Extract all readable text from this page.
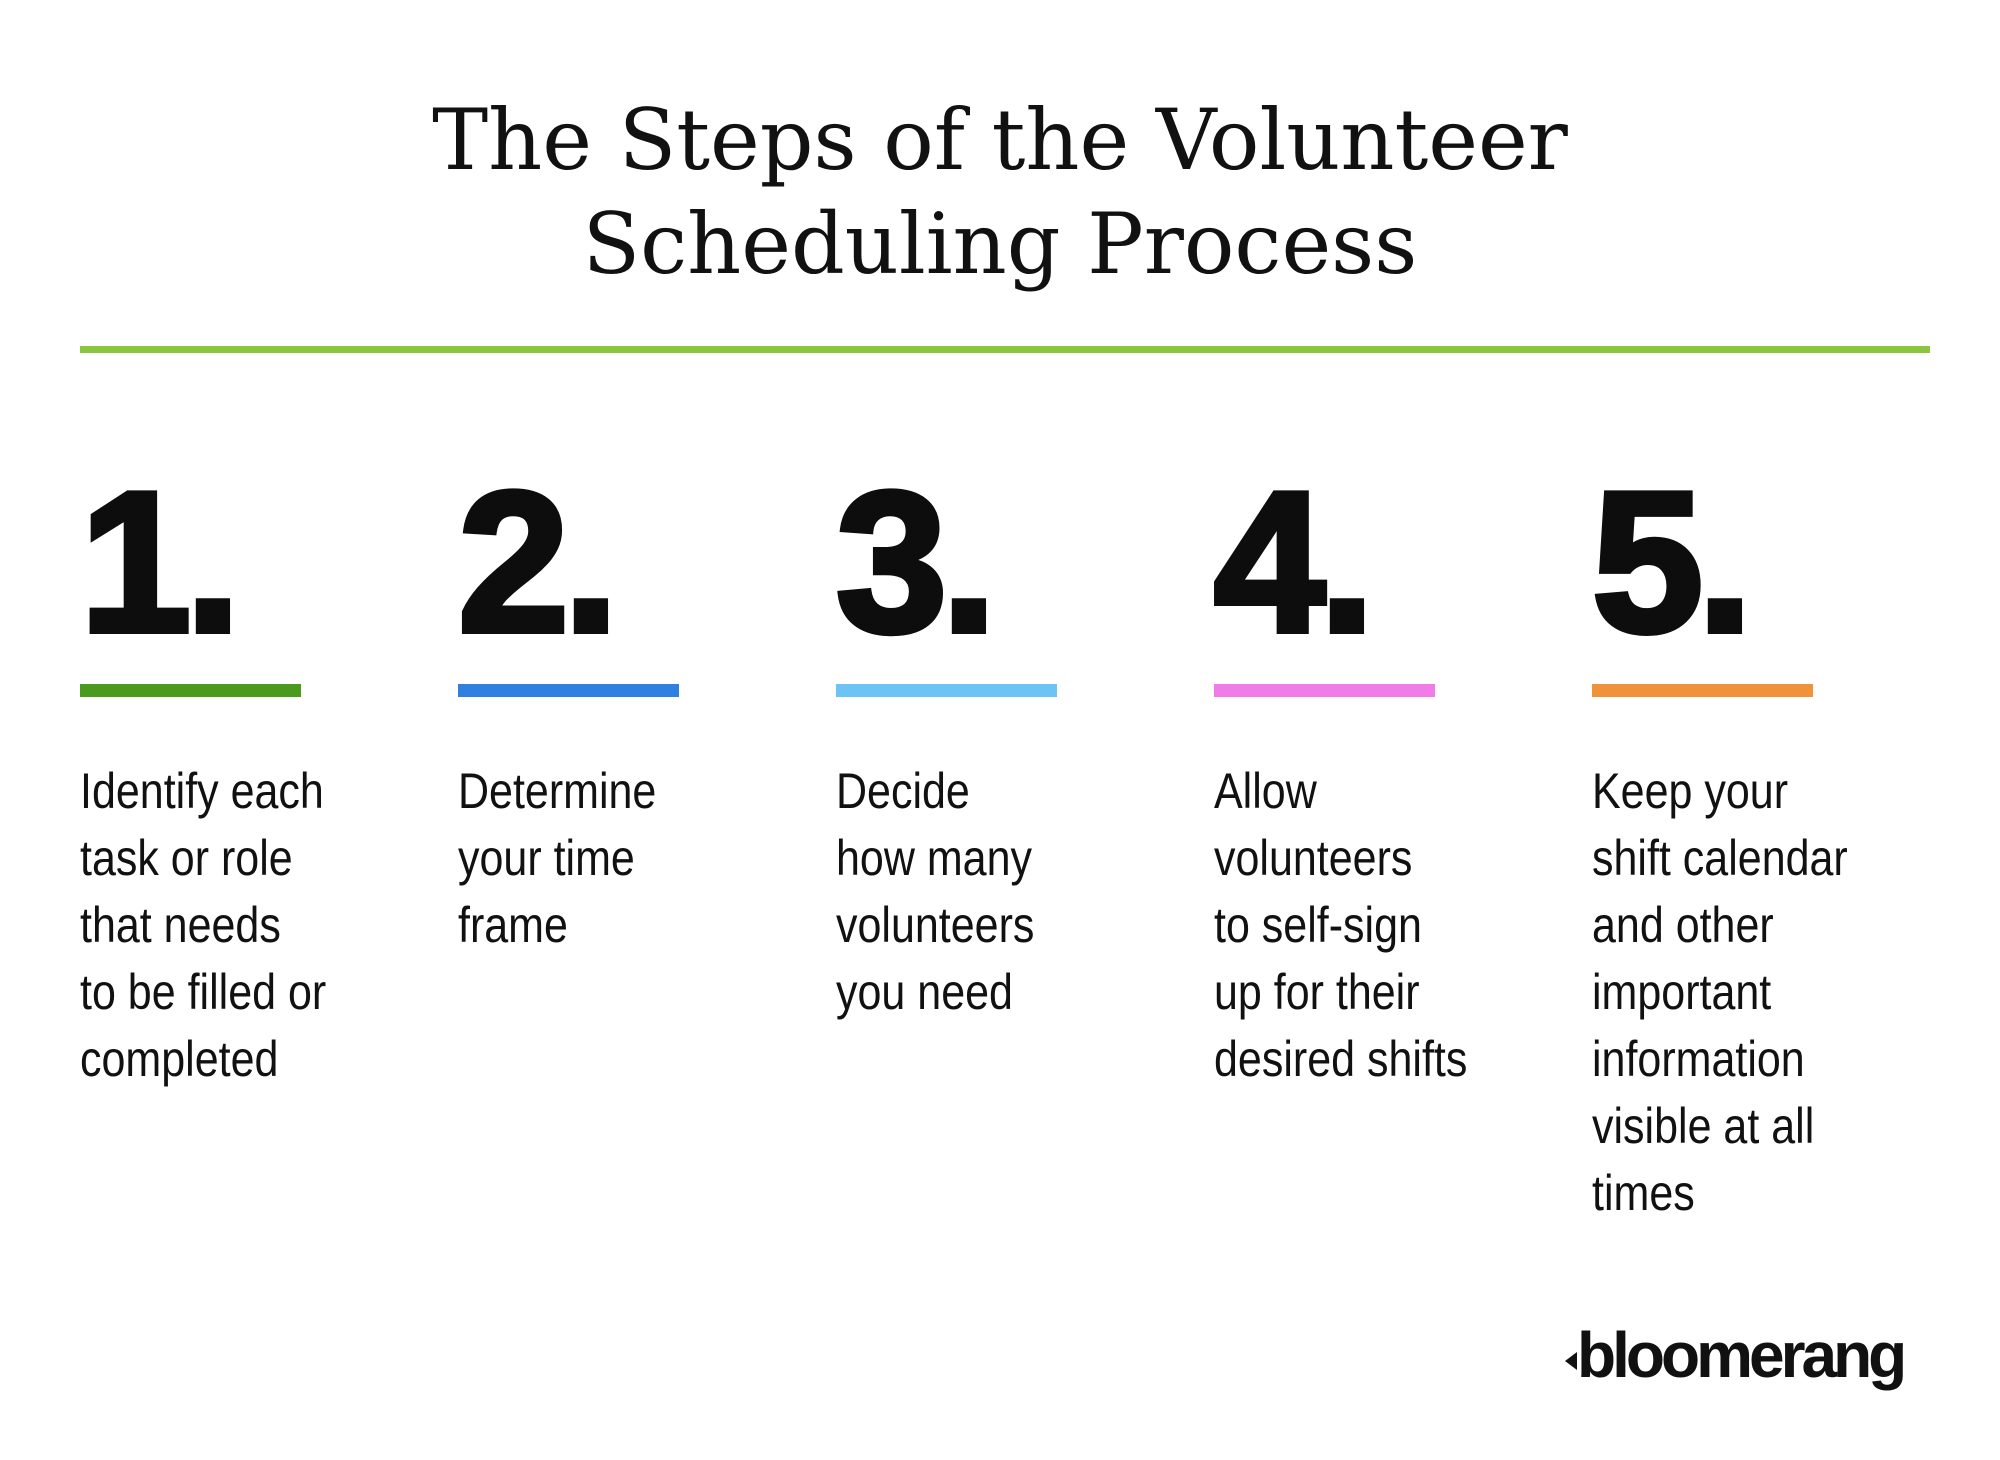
The Steps of the Volunteer
Scheduling Process
1.
Identify each
task or role
that needs
to be filled or
completed
2.
Determine
your time
frame
3.
Decide
how many
volunteers
you need
4.
Allow
volunteers
to self-sign
up for their
desired shifts
5.
Keep your
shift calendar
and other
important
information
visible at all
times
bloomerang
